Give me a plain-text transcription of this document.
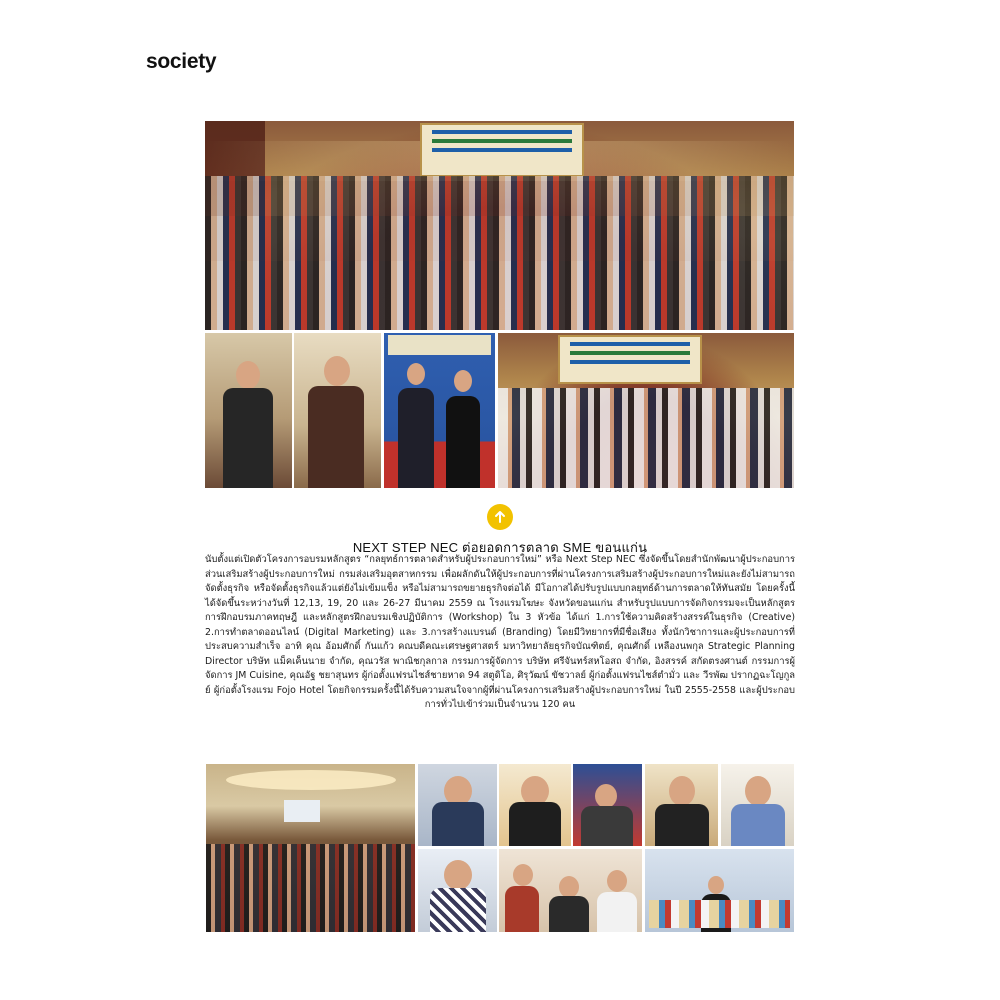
society
NEXT STEP NEC ต่อยอดการตลาด SME ขอนแก่น
นับตั้งแต่เปิดตัวโครงการอบรมหลักสูตร “กลยุทธ์การตลาดสำหรับผู้ประกอบการใหม่” หรือ Next Step NEC ซึ่งจัดขึ้นโดยสำนักพัฒนาผู้ประกอบการ ส่วนเสริมสร้างผู้ประกอบการใหม่ กรมส่งเสริมอุตสาหกรรม เพื่อผลักดันให้ผู้ประกอบการที่ผ่านโครงการเสริมสร้างผู้ประกอบการใหม่และยังไม่สามารถจัดตั้งธุรกิจ หรือจัดตั้งธุรกิจแล้วแต่ยังไม่เข้มแข็ง หรือไม่สามารถขยายธุรกิจต่อได้ มีโอกาสได้ปรับรูปแบบกลยุทธ์ด้านการตลาดให้ทันสมัย โดยครั้งนี้ได้จัดขึ้นระหว่างวันที่ 12,13, 19, 20 และ 26-27 มีนาคม 2559 ณ โรงแรมโฆษะ จังหวัดขอนแก่น สำหรับรูปแบบการจัดกิจกรรมจะเป็นหลักสูตรการฝึกอบรมภาคทฤษฎี และหลักสูตรฝึกอบรมเชิงปฏิบัติการ (Workshop) ใน 3 หัวข้อ ได้แก่ 1.การใช้ความคิดสร้างสรรค์ในธุรกิจ (Creative) 2.การทำตลาดออนไลน์ (Digital Marketing) และ 3.การสร้างแบรนด์ (Branding) โดยมีวิทยากรที่มีชื่อเสียง ทั้งนักวิชาการและผู้ประกอบการที่ประสบความสำเร็จ อาทิ คุณ อ้อมศักดิ์ กันแก้ว คณบดีคณะเศรษฐศาสตร์ มหาวิทยาลัยธุรกิจบัณฑิตย์, คุณศักดิ์ เหลืองนพกุล Strategic Planning Director บริษัท แม็คเค็นนาย จำกัด, คุณวรัส พาณิชกุลกาล กรรมการผู้จัดการ บริษัท ศรีจันทร์สหโอสถ จำกัด, อิงสรรค์ สกัดตรงศานต์ กรรมการผู้จัดการ JM Cuisine, คุณอัฐ ชยาสุนทร ผู้ก่อตั้งแฟรนไชส์ชายหาด 94 สตูดิโอ, ศิรุวัฒน์ ขัชวาลย์ ผู้ก่อตั้งแฟรนไชส์ตำมั่ว และ วีรพัฒ ปรากฏฉะโญกูลย์ ผู้ก่อตั้งโรงแรม Fojo Hotel โดยกิจกรรมครั้งนี้ได้รับความสนใจจากผู้ที่ผ่านโครงการเสริมสร้างผู้ประกอบการใหม่ ในปี 2555-2558 และผู้ประกอบการทั่วไปเข้าร่วมเป็นจำนวน 120 คน
